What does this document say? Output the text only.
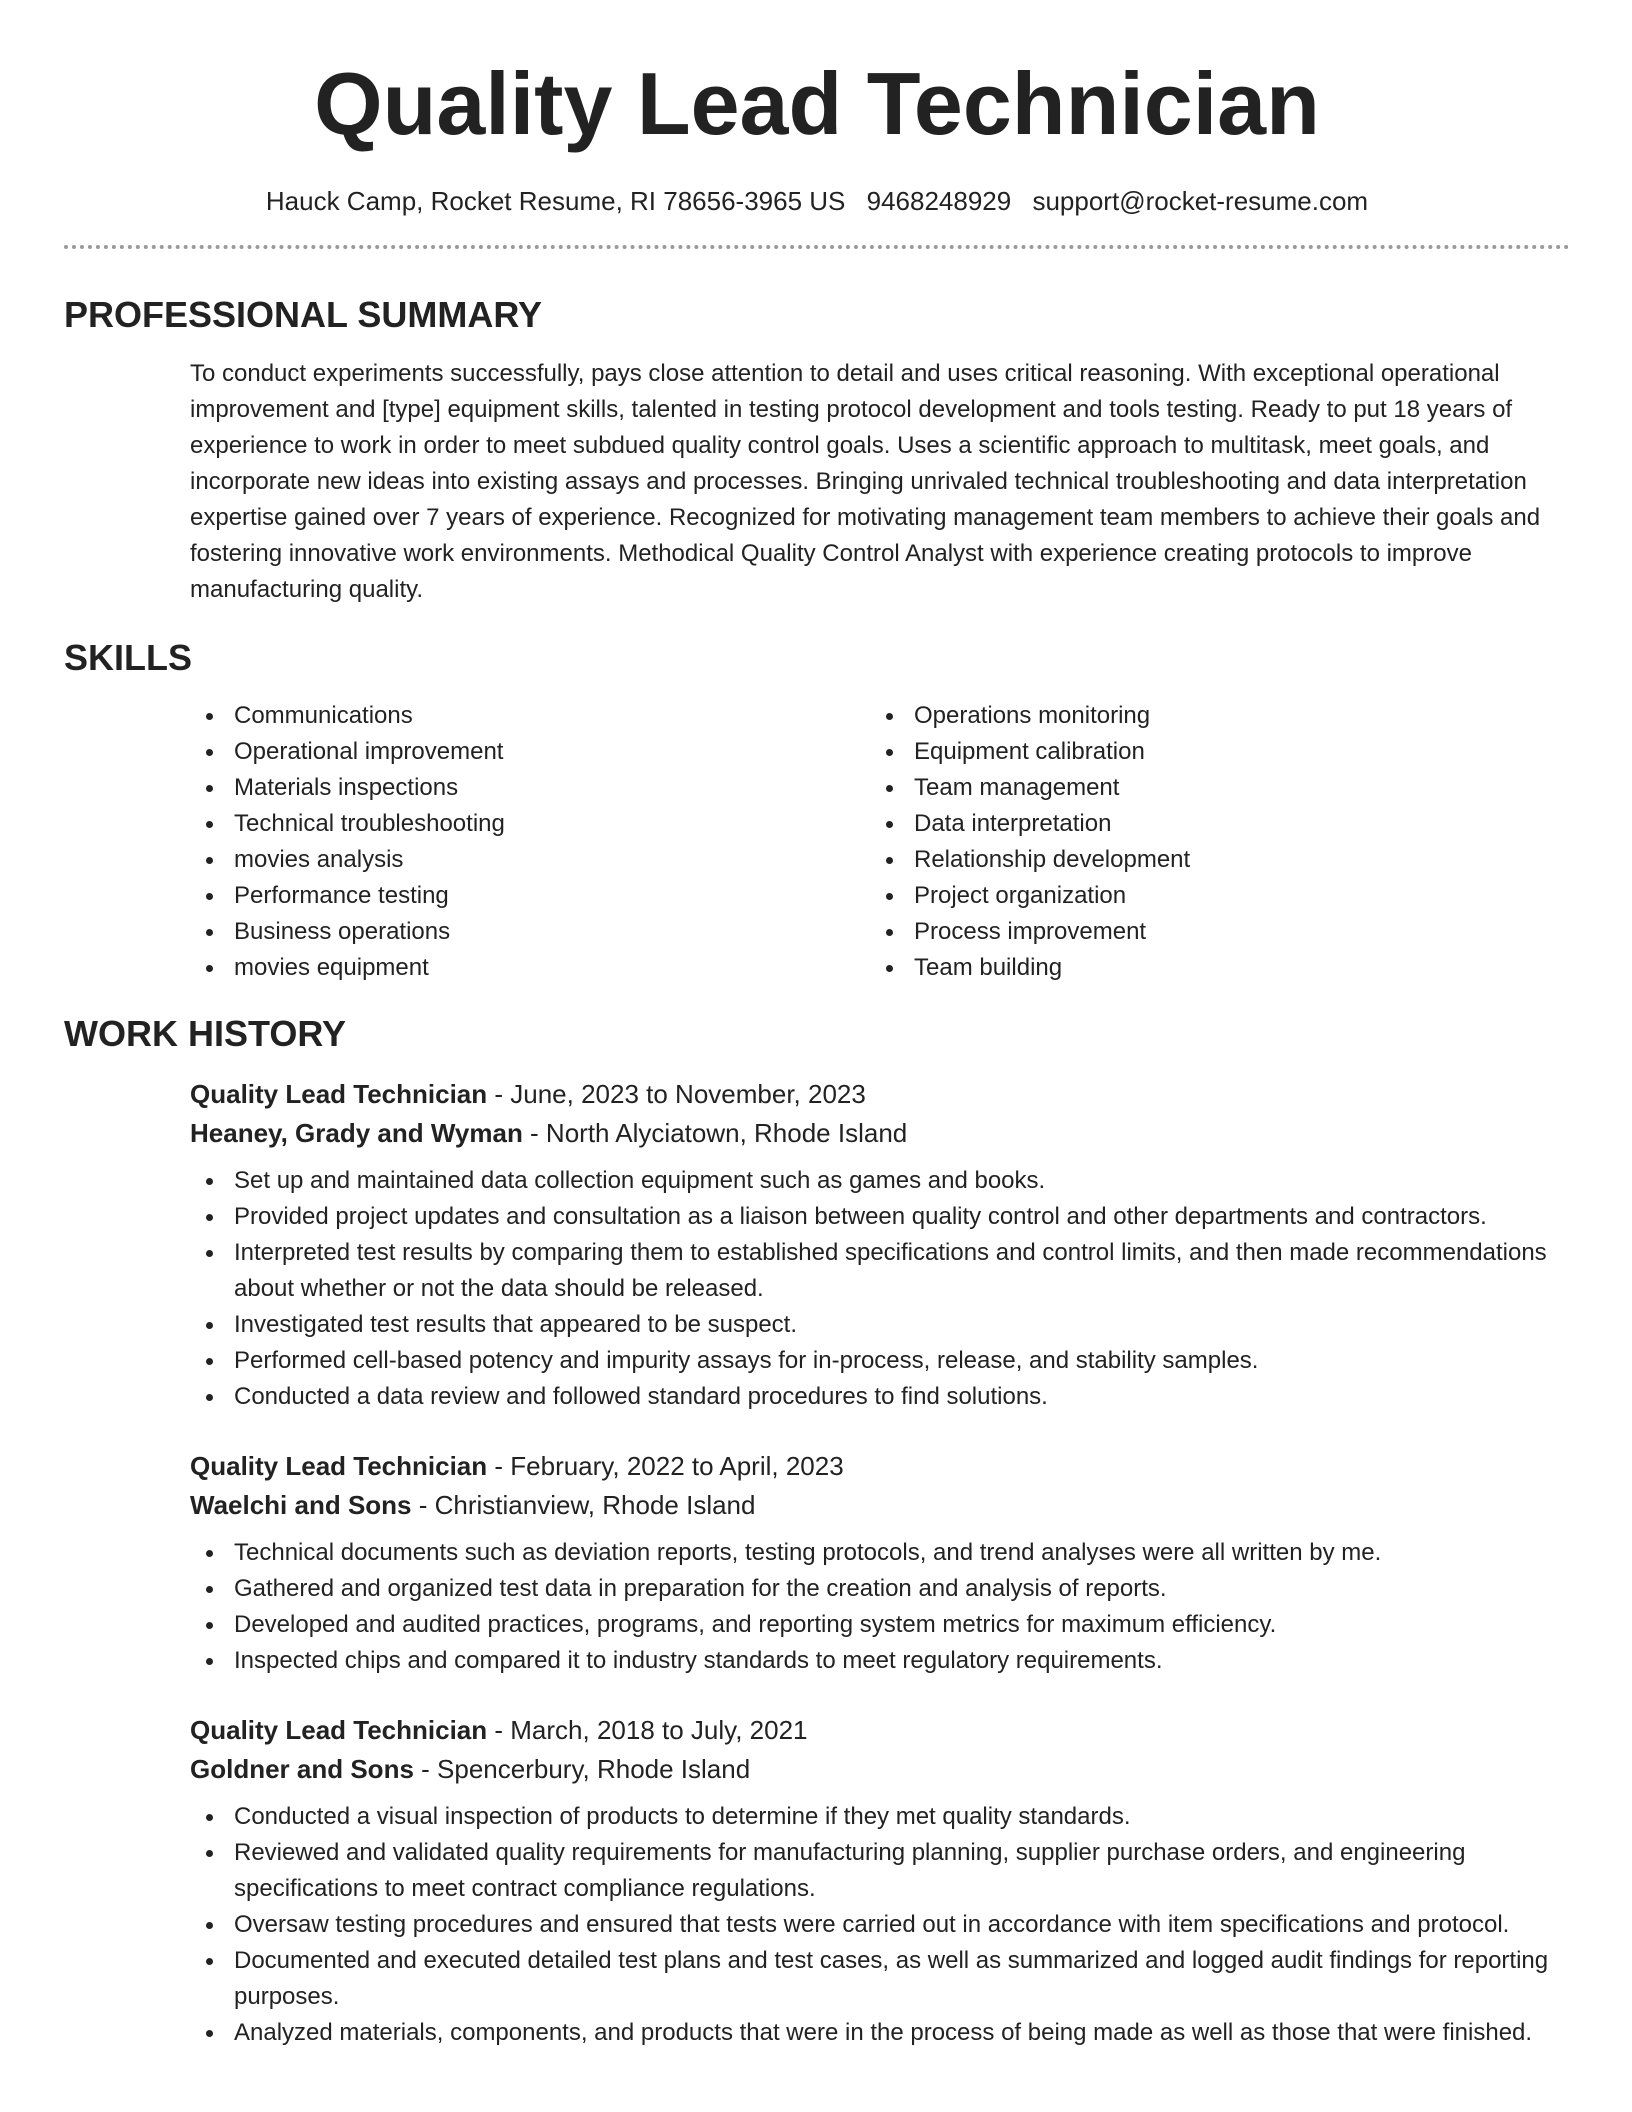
Quality Lead Technician
Hauck Camp, Rocket Resume, RI 78656-3965 US 9468248929 support@rocket-resume.com
PROFESSIONAL SUMMARY
To conduct experiments successfully, pays close attention to detail and uses critical reasoning. With exceptional operational improvement and [type] equipment skills, talented in testing protocol development and tools testing. Ready to put 18 years of experience to work in order to meet subdued quality control goals. Uses a scientific approach to multitask, meet goals, and incorporate new ideas into existing assays and processes. Bringing unrivaled technical troubleshooting and data interpretation expertise gained over 7 years of experience. Recognized for motivating management team members to achieve their goals and fostering innovative work environments. Methodical Quality Control Analyst with experience creating protocols to improve manufacturing quality.
SKILLS
Communications
Operational improvement
Materials inspections
Technical troubleshooting
movies analysis
Performance testing
Business operations
movies equipment
Operations monitoring
Equipment calibration
Team management
Data interpretation
Relationship development
Project organization
Process improvement
Team building
WORK HISTORY
Quality Lead Technician - June, 2023 to November, 2023
Heaney, Grady and Wyman - North Alyciatown, Rhode Island
Set up and maintained data collection equipment such as games and books.
Provided project updates and consultation as a liaison between quality control and other departments and contractors.
Interpreted test results by comparing them to established specifications and control limits, and then made recommendations about whether or not the data should be released.
Investigated test results that appeared to be suspect.
Performed cell-based potency and impurity assays for in-process, release, and stability samples.
Conducted a data review and followed standard procedures to find solutions.
Quality Lead Technician - February, 2022 to April, 2023
Waelchi and Sons - Christianview, Rhode Island
Technical documents such as deviation reports, testing protocols, and trend analyses were all written by me.
Gathered and organized test data in preparation for the creation and analysis of reports.
Developed and audited practices, programs, and reporting system metrics for maximum efficiency.
Inspected chips and compared it to industry standards to meet regulatory requirements.
Quality Lead Technician - March, 2018 to July, 2021
Goldner and Sons - Spencerbury, Rhode Island
Conducted a visual inspection of products to determine if they met quality standards.
Reviewed and validated quality requirements for manufacturing planning, supplier purchase orders, and engineering specifications to meet contract compliance regulations.
Oversaw testing procedures and ensured that tests were carried out in accordance with item specifications and protocol.
Documented and executed detailed test plans and test cases, as well as summarized and logged audit findings for reporting purposes.
Analyzed materials, components, and products that were in the process of being made as well as those that were finished.
